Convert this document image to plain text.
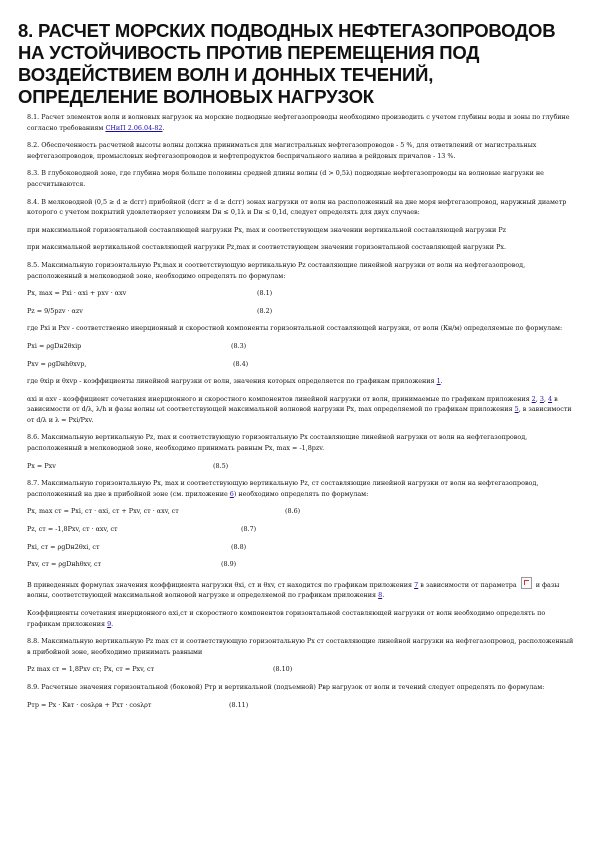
8. РАСЧЕТ МОРСКИХ ПОДВОДНЫХ НЕФТЕГАЗОПРОВОДОВ
НА УСТОЙЧИВОСТЬ ПРОТИВ ПЕРЕМЕЩЕНИЯ ПОД
ВОЗДЕЙСТВИЕМ ВОЛН И ДОННЫХ ТЕЧЕНИЙ,
ОПРЕДЕЛЕНИЕ ВОЛНОВЫХ НАГРУЗОК

8.1. Расчет элементов волн и волновых нагрузок на морские подводные нефтегазопроводы необходимо производить с учетом глубины воды и зоны по глубине согласно требованиям СНиП 2.06.04-82.

8.2. Обеспеченность расчетной высоты волны должна приниматься для магистральных нефтегазопроводов - 5 %, для ответвлений от магистральных нефтегазопроводов, промысловых нефтегазопроводов и нефтепродуктов беспричального налива в рейдовых причалов - 13 %.

8.3. В глубоководной зоне, где глубина моря больше половины средней длины волны (d > 0,5λ) подводные нефтегазопроводы на волновые нагрузки не рассчитываются.

8.4. В мелководной (0,5 ≥ d ≥ dсгг) прибойной (dсгг ≥ d ≥ dсгг) зонах нагрузки от волн на расположенный на дне моря нефтегазопровод, наружный диаметр которого с учетом покрытий удовлетворяет условиям Dн ≤ 0,1λ и Dн ≤ 0,1d, следует определять для двух случаев:

при максимальной горизонтальной составляющей нагрузки Px, max и соответствующем значении вертикальной составляющей нагрузки Pz

при максимальной вертикальной составляющей нагрузки Pz,max и соответствующем значении горизонтальной составляющей нагрузки Px.

8.5. Максимальную горизонтальную Px,max и соответствующую вертикальную Pz составляющие линейной нагрузки от волн на нефтегазопровод, расположенный в мелководной зоне, необходимо определять по формулам:

Px, max = Pxi · αxi + pxv · αxv	(8.1)
Pz = 9/5pzv · αzv	(8.2)

где Pxi и Pxv - соответственно инерционный и скоростной компоненты горизонтальной составляющей нагрузки, от волн (Кн/м) определяемые по формулам:

Pxi = ρgDн2θxip	(8.3)
Pxv = ρgDнhθxvp,	(8.4)

где θxip и θxvp - коэффициенты линейной нагрузки от волн, значения которых определяется по графикам приложения 1.

αxi и αxv - коэффициент сочетания инерционного и скоростного компонентов линейной нагрузки от волн, принимаемые по графикам приложения 2, 3, 4 в зависимости от d/λ, λ/h и фазы волны ωt соответствующей максимальной волновой нагрузки Px, max определяемой по графикам приложения 5, в зависимости от d/λ и λ = Pxi/Pxv.

8.6. Максимальную вертикальную Pz, max и соответствующую горизонтальную Px составляющие линейной нагрузки от волн на нефтегазопровод, расположенный в мелководной зоне, необходимо принимать равным Px, max = -1,8pzv.

Px = Pxv	(8.5)

8.7. Максимальную горизонтальную Px, max и соответствующую вертикальную Pz, ст составляющие линейной нагрузки от волн на нефтегазопровод, расположенный на дне в прибойной зоне (см. приложение 6) необходимо определять по формулам:

Px, max ст = Pxi, ст · αxi, ст + Pxv, ст · αxv, ст	(8.6)
Pz, ст = -1,8Pxv, ст · αxv, ст	(8.7)
Pxi, ст = ρgDн2θxi, ст	(8.8)
Pxv, ст = ρgDнhθxv, ст	(8.9)

В приведенных формулах значения коэффициента нагрузки θxi, ст и θxv, ст находится по графикам приложения 7 в зависимости от параметра  и фазы волны, соответствующей максимальной волновой нагрузке и определяемой по графикам приложения 8.

Коэффициенты сочетания инерционного αxi,ст и скоростного компонентов горизонтальной составляющей нагрузки от волн необходимо определять по графикам приложения 9.

8.8. Максимальную вертикальную Pz max ст и соответствующую горизонтальную Px ст составляющие линейной нагрузки на нефтегазопровод, расположенный в прибойной зоне, необходимо принимать равными

Pz max ст = 1,8Pxv ст; Px, ст = Pxv, ст	(8.10)

8.9. Расчетные значения горизонтальной (боковой) Pтр и вертикальной (подъемной) Pвр нагрузок от волн и течений следует определять по формулам:

Pтр = Px · Kвт · cosλρв + Pxт · cosλρт	(8.11)
